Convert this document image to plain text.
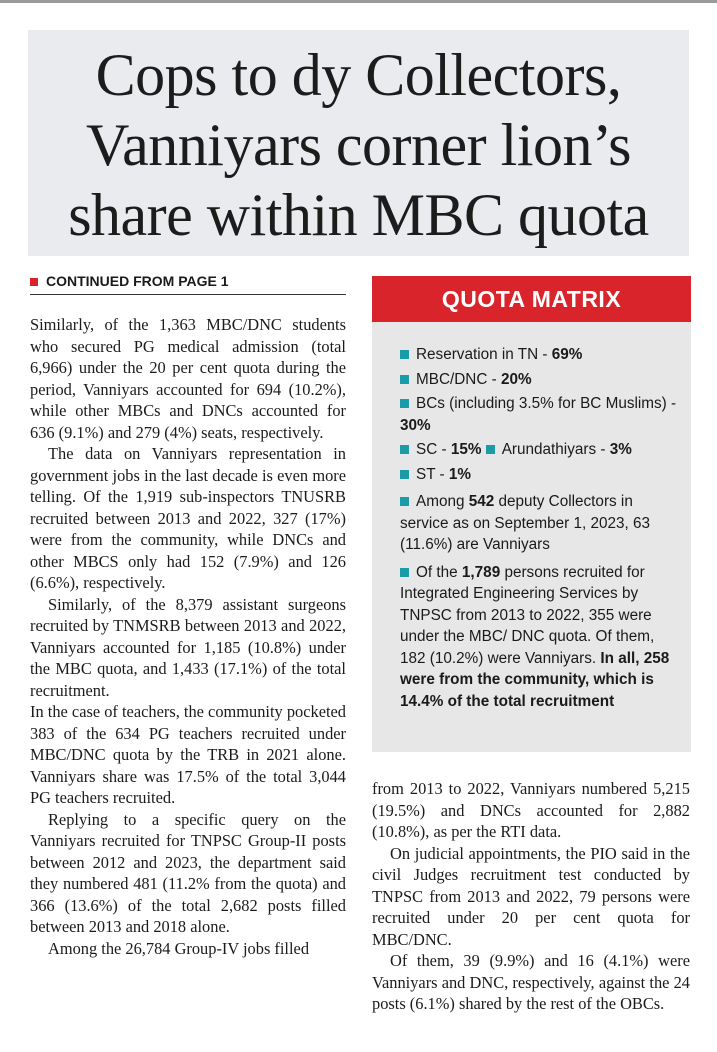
Cops to dy Collectors,
Vanniyars corner lion’s
share within MBC quota
CONTINUED FROM PAGE 1

Similarly, of the 1,363 MBC/DNC students who secured PG medical admission (total 6,966) under the 20 per cent quota during the period, Vanniyars accounted for 694 (10.2%), while other MBCs and DNCs accounted for 636 (9.1%) and 279 (4%) seats, respectively.

The data on Vanniyars representation in government jobs in the last decade is even more telling. Of the 1,919 sub-inspectors TNUSRB recruited between 2013 and 2022, 327 (17%) were from the community, while DNCs and other MBCS only had 152 (7.9%) and 126 (6.6%), respectively.

Similarly, of the 8,379 assistant surgeons recruited by TNMSRB between 2013 and 2022, Vanniyars accounted for 1,185 (10.8%) under the MBC quota, and 1,433 (17.1%) of the total recruitment.

In the case of teachers, the community pocketed 383 of the 634 PG teachers recruited under MBC/DNC quota by the TRB in 2021 alone. Vanniyars share was 17.5% of the total 3,044 PG teachers recruited.

Replying to a specific query on the Vanniyars recruited for TNPSC Group-II posts between 2012 and 2023, the department said they numbered 481 (11.2% from the quota) and 366 (13.6%) of the total 2,682 posts filled between 2013 and 2018 alone.

Among the 26,784 Group-IV jobs filled

QUOTA MATRIX
Reservation in TN - 69%
MBC/DNC - 20%
BCs (including 3.5% for BC Muslims) - 30%
SC - 15% Arundathiyars - 3%
ST - 1%
Among 542 deputy Collectors in service as on September 1, 2023, 63 (11.6%) are Vanniyars
Of the 1,789 persons recruited for Integrated Engineering Services by TNPSC from 2013 to 2022, 355 were under the MBC/ DNC quota. Of them, 182 (10.2%) were Vanniyars. In all, 258 were from the community, which is 14.4% of the total recruitment

from 2013 to 2022, Vanniyars numbered 5,215 (19.5%) and DNCs accounted for 2,882 (10.8%), as per the RTI data.

On judicial appointments, the PIO said in the civil Judges recruitment test conducted by TNPSC from 2013 and 2022, 79 persons were recruited under 20 per cent quota for MBC/DNC.

Of them, 39 (9.9%) and 16 (4.1%) were Vanniyars and DNC, respectively, against the 24 posts (6.1%) shared by the rest of the OBCs.
